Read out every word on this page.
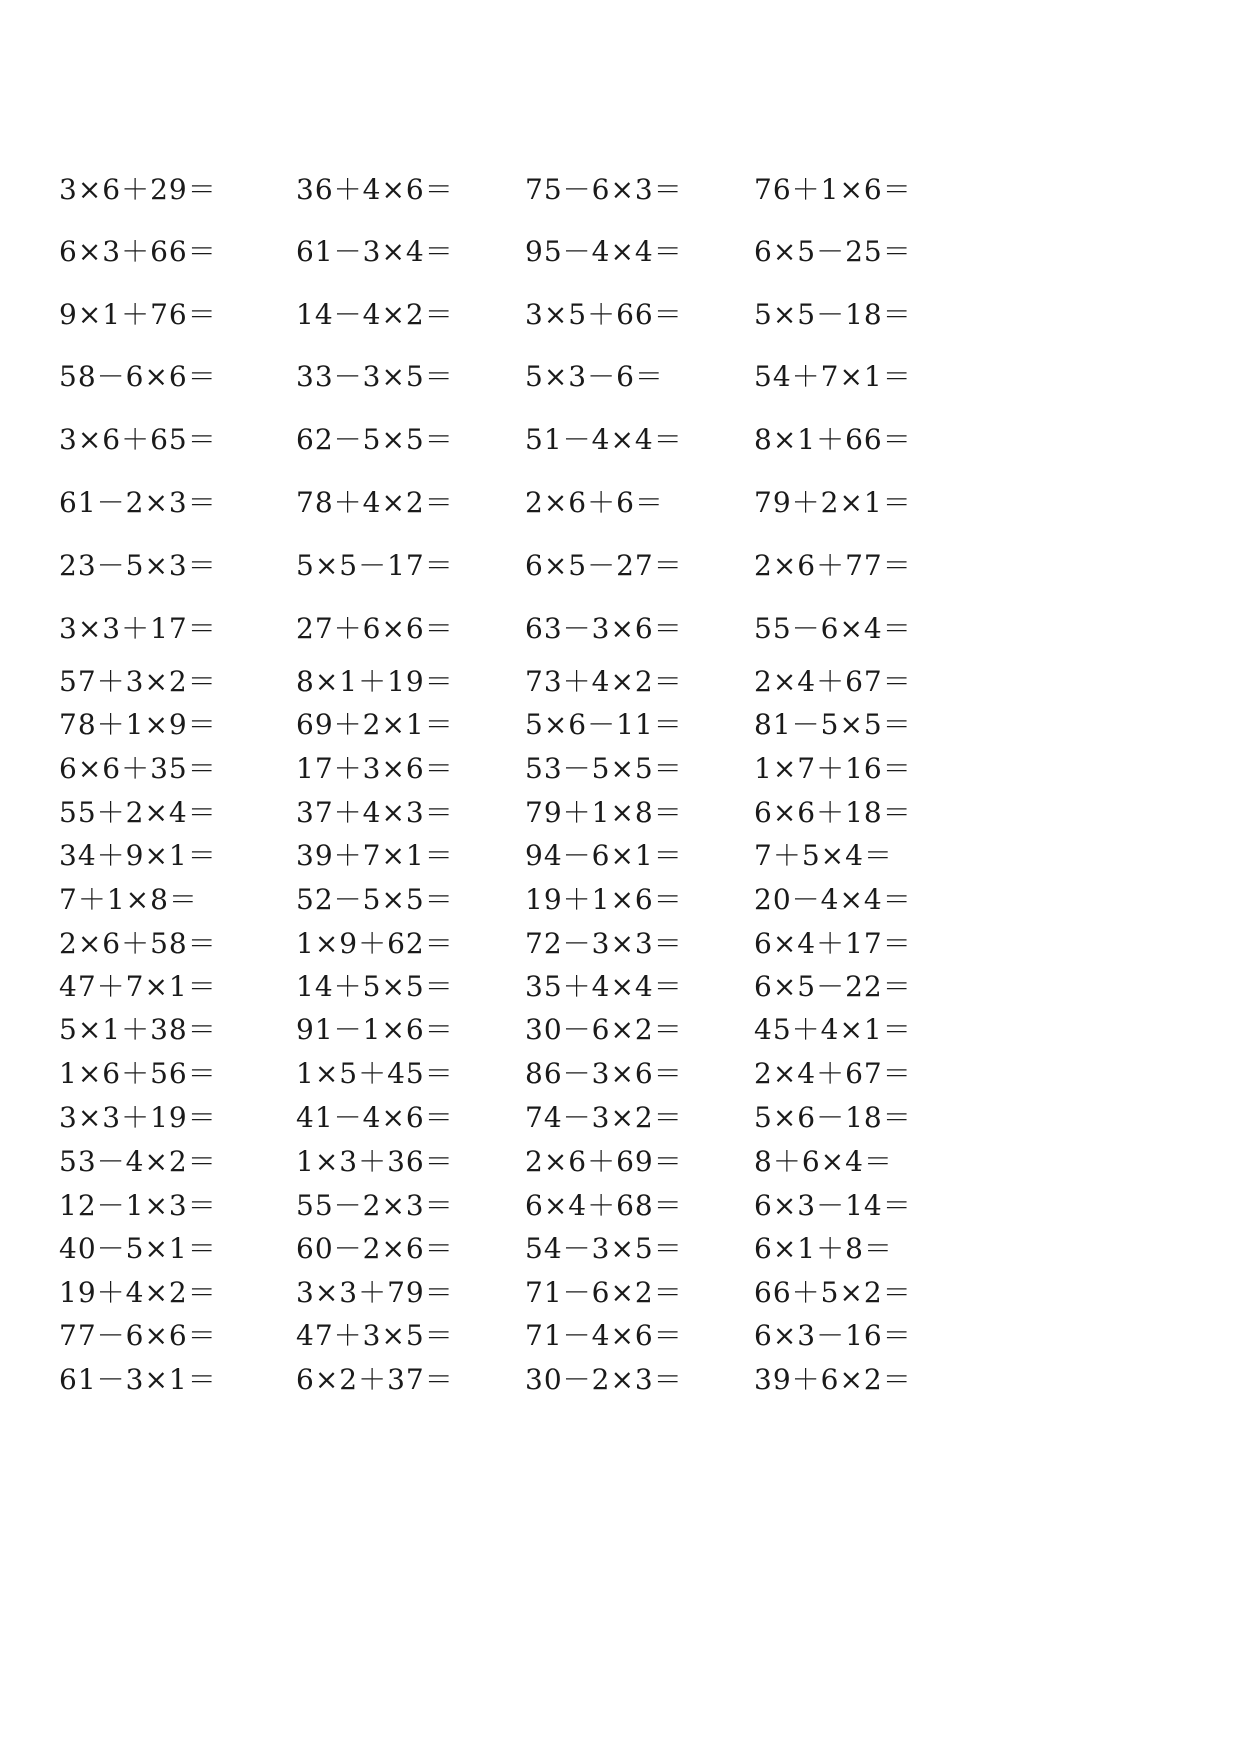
3×6＋29＝	36＋4×6＝	75－6×3＝	76＋1×6＝
6×3＋66＝	61－3×4＝	95－4×4＝	6×5－25＝
9×1＋76＝	14－4×2＝	3×5＋66＝	5×5－18＝
58－6×6＝	33－3×5＝	5×3－6＝	54＋7×1＝
3×6＋65＝	62－5×5＝	51－4×4＝	8×1＋66＝
61－2×3＝	78＋4×2＝	2×6＋6＝	79＋2×1＝
23－5×3＝	5×5－17＝	6×5－27＝	2×6＋77＝
3×3＋17＝	27＋6×6＝	63－3×6＝	55－6×4＝
57＋3×2＝	8×1＋19＝	73＋4×2＝	2×4＋67＝
78＋1×9＝	69＋2×1＝	5×6－11＝	81－5×5＝
6×6＋35＝	17＋3×6＝	53－5×5＝	1×7＋16＝
55＋2×4＝	37＋4×3＝	79＋1×8＝	6×6＋18＝
34＋9×1＝	39＋7×1＝	94－6×1＝	7＋5×4＝
7＋1×8＝	52－5×5＝	19＋1×6＝	20－4×4＝
2×6＋58＝	1×9＋62＝	72－3×3＝	6×4＋17＝
47＋7×1＝	14＋5×5＝	35＋4×4＝	6×5－22＝
5×1＋38＝	91－1×6＝	30－6×2＝	45＋4×1＝
1×6＋56＝	1×5＋45＝	86－3×6＝	2×4＋67＝
3×3＋19＝	41－4×6＝	74－3×2＝	5×6－18＝
53－4×2＝	1×3＋36＝	2×6＋69＝	8＋6×4＝
12－1×3＝	55－2×3＝	6×4＋68＝	6×3－14＝
40－5×1＝	60－2×6＝	54－3×5＝	6×1＋8＝
19＋4×2＝	3×3＋79＝	71－6×2＝	66＋5×2＝
77－6×6＝	47＋3×5＝	71－4×6＝	6×3－16＝
61－3×1＝	6×2＋37＝	30－2×3＝	39＋6×2＝
